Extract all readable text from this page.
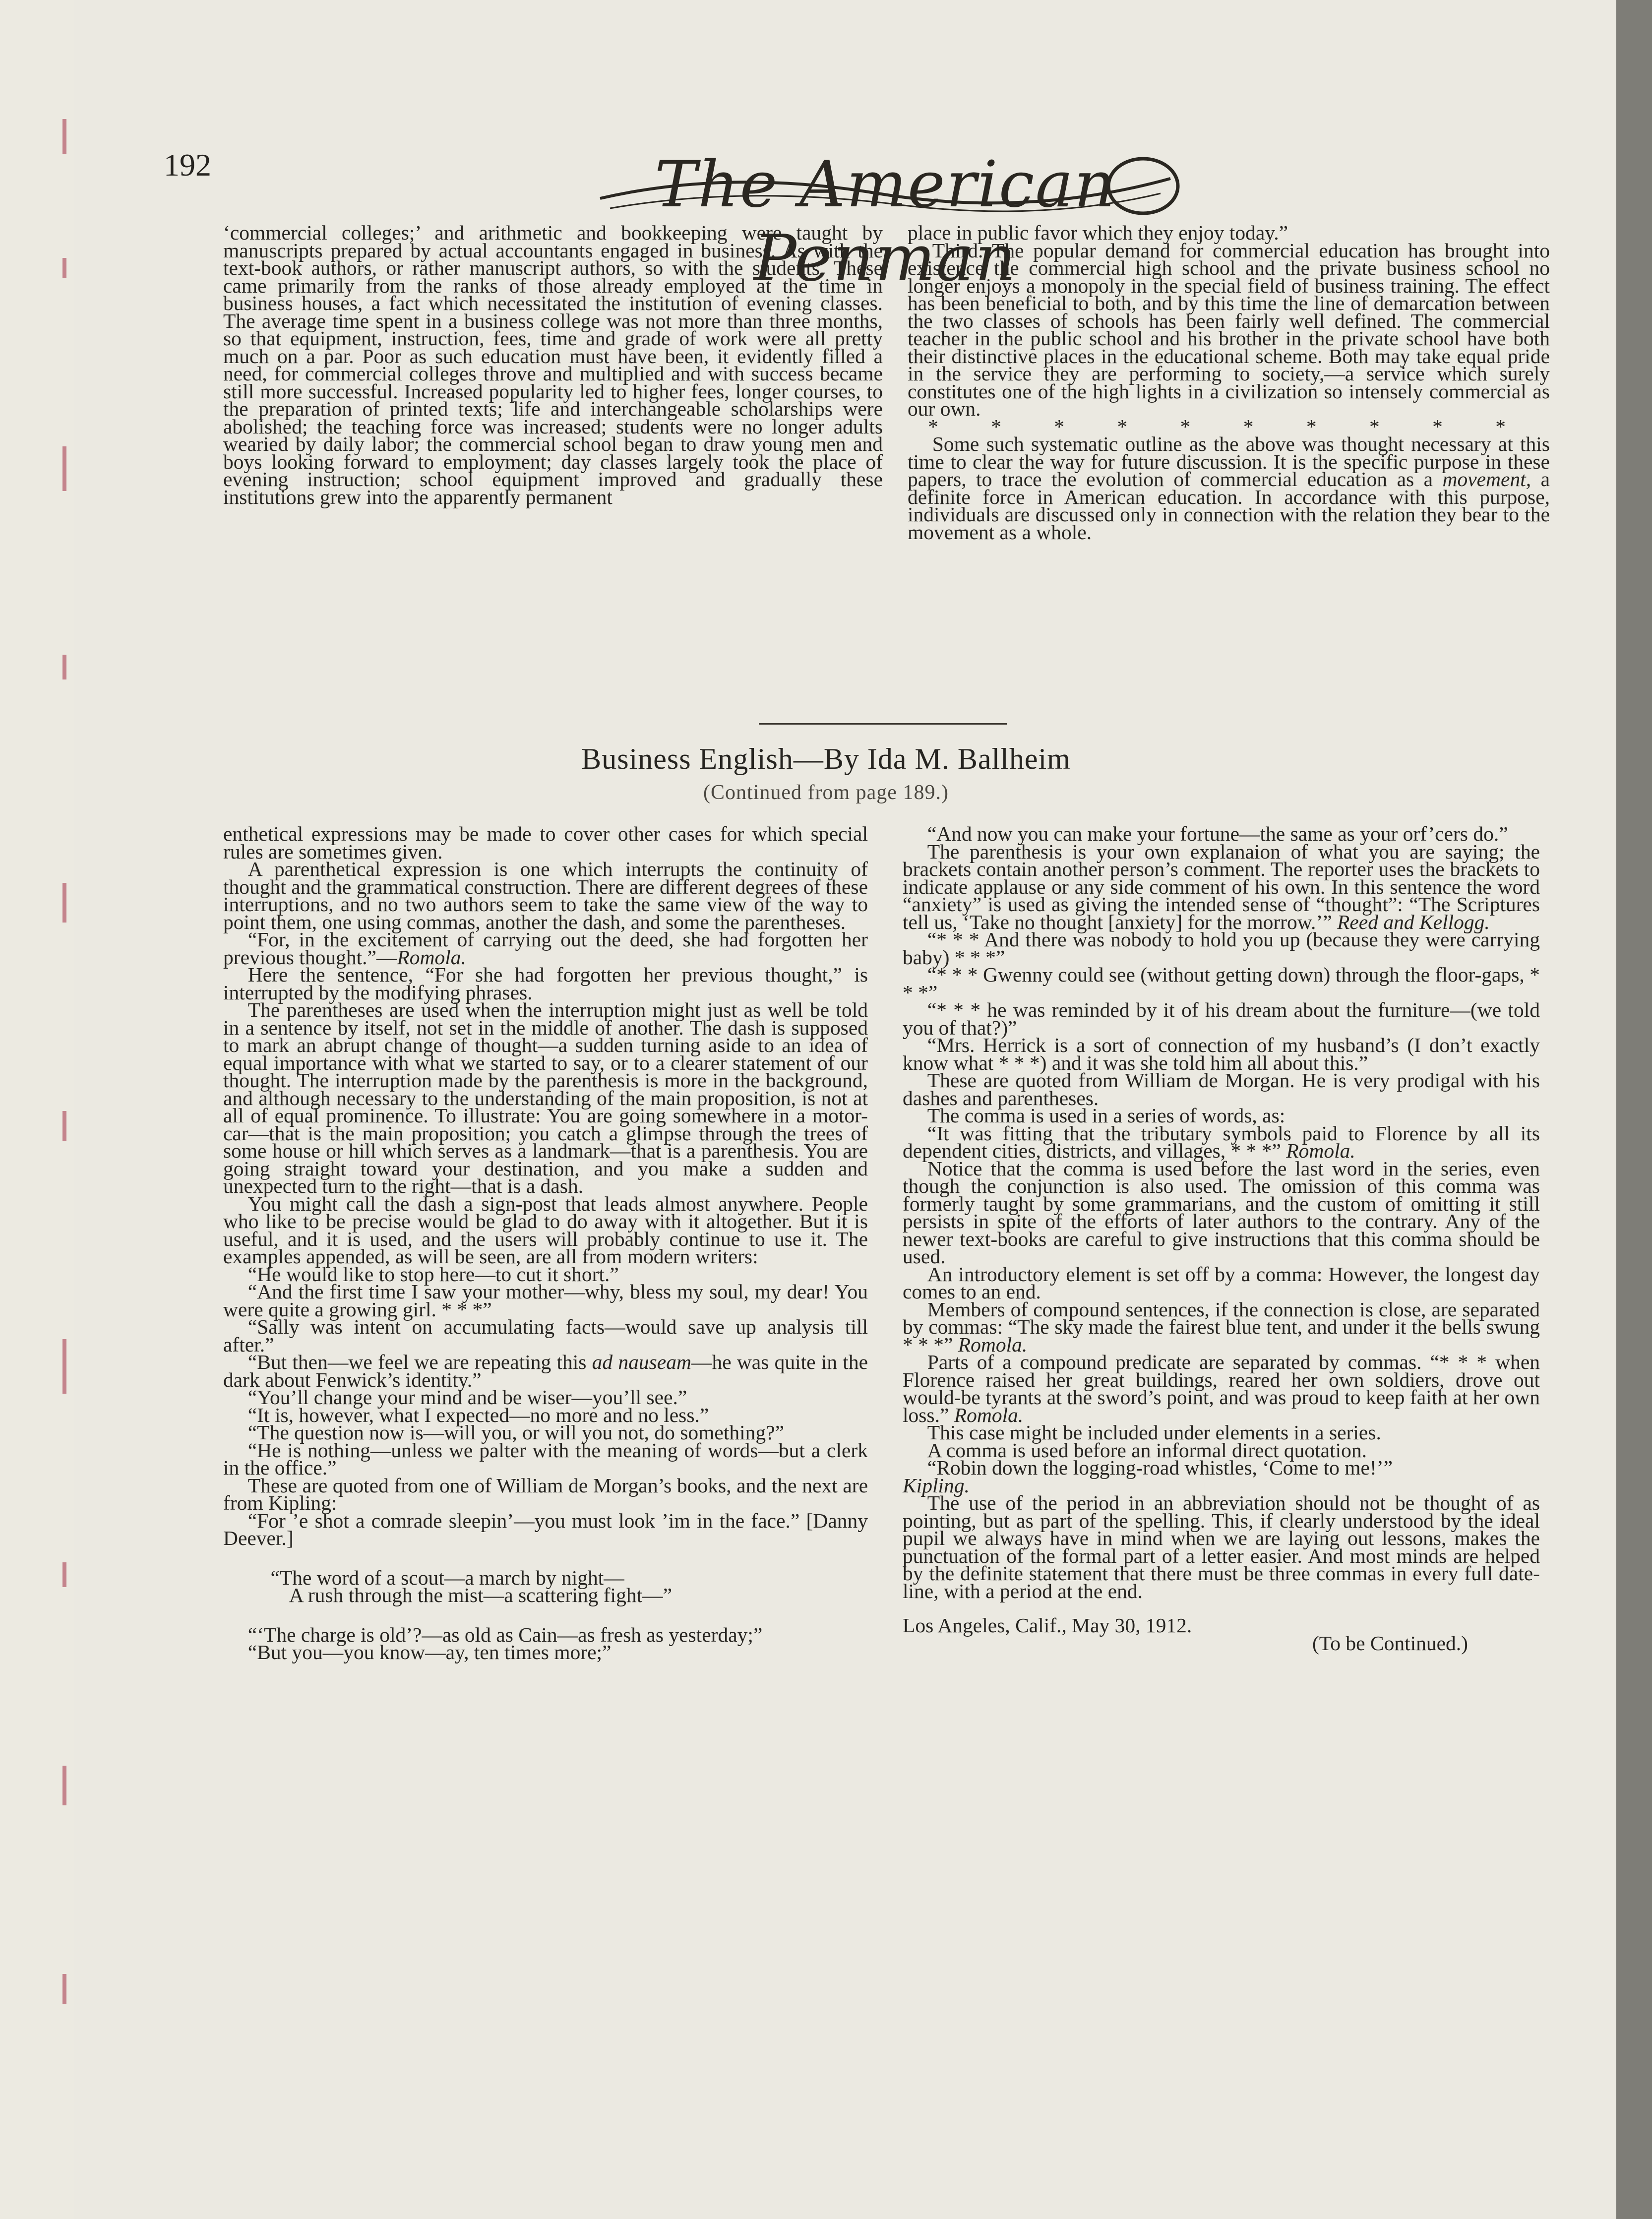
192	The American Penman

‘commercial colleges;’ and arithmetic and bookkeeping were taught by manuscripts prepared by actual accountants engaged in business. As with the text-book authors, or rather manuscript authors, so with the students. These came primarily from the ranks of those already employed at the time in business houses, a fact which necessitated the institution of evening classes. The average time spent in a business college was not more than three months, so that equipment, instruction, fees, time and grade of work were all pretty much on a par. Poor as such education must have been, it evidently filled a need, for commercial colleges throve and multiplied and with success became still more successful. Increased popularity led to higher fees, longer courses, to the preparation of printed texts; life and interchangeable scholarships were abolished; the teaching force was increased; students were no longer adults wearied by daily labor; the commercial school began to draw young men and boys looking forward to employment; day classes largely took the place of evening instruction; school equipment improved and gradually these institutions grew into the apparently permanent

place in public favor which they enjoy today.”

Third. The popular demand for commercial education has brought into existence the commercial high school and the private business school no longer enjoys a monopoly in the special field of business training. The effect has been beneficial to both, and by this time the line of demarcation between the two classes of schools has been fairly well defined. The commercial teacher in the public school and his brother in the private school have both their distinctive places in the educational scheme. Both may take equal pride in the service they are performing to society,—a service which surely constitutes one of the high lights in a civilization so intensely commercial as our own.

* * * * * * * * * *

Some such systematic outline as the above was thought necessary at this time to clear the way for future discussion. It is the specific purpose in these papers, to trace the evolution of commercial education as a movement, a definite force in American education. In accordance with this purpose, individuals are discussed only in connection with the relation they bear to the movement as a whole.

Business English—By Ida M. Ballheim
(Continued from page 189.)

enthetical expressions may be made to cover other cases for which special rules are sometimes given.

A parenthetical expression is one which interrupts the continuity of thought and the grammatical construction. There are different degrees of these interruptions, and no two authors seem to take the same view of the way to point them, one using commas, another the dash, and some the parentheses.

“For, in the excitement of carrying out the deed, she had forgotten her previous thought.”—Romola.

Here the sentence, “For she had forgotten her previous thought,” is interrupted by the modifying phrases.

The parentheses are used when the interruption might just as well be told in a sentence by itself, not set in the middle of another. The dash is supposed to mark an abrupt change of thought—a sudden turning aside to an idea of equal importance with what we started to say, or to a clearer statement of our thought. The interruption made by the parenthesis is more in the background, and although necessary to the understanding of the main proposition, is not at all of equal prominence. To illustrate: You are going somewhere in a motor-car—that is the main proposition; you catch a glimpse through the trees of some house or hill which serves as a landmark—that is a parenthesis. You are going straight toward your destination, and you make a sudden and unexpected turn to the right—that is a dash.

You might call the dash a sign-post that leads almost anywhere. People who like to be precise would be glad to do away with it altogether. But it is useful, and it is used, and the users will probably continue to use it. The examples appended, as will be seen, are all from modern writers:

“He would like to stop here—to cut it short.”

“And the first time I saw your mother—why, bless my soul, my dear! You were quite a growing girl. * * *”

“Sally was intent on accumulating facts—would save up analysis till after.”

“But then—we feel we are repeating this ad nauseam—he was quite in the dark about Fenwick’s identity.”

“You’ll change your mind and be wiser—you’ll see.”

“It is, however, what I expected—no more and no less.”

“The question now is—will you, or will you not, do something?”

“He is nothing—unless we palter with the meaning of words—but a clerk in the office.”

These are quoted from one of William de Morgan’s books, and the next are from Kipling:

“For ’e shot a comrade sleepin’—you must look ’im in the face.” [Danny Deever.]

“The word of a scout—a march by night—

A rush through the mist—a scattering fight—”

“‘The charge is old’?—as old as Cain—as fresh as yesterday;”

“But you—you know—ay, ten times more;”

“And now you can make your fortune—the same as your orf’cers do.”

The parenthesis is your own explanaion of what you are saying; the brackets contain another person’s comment. The reporter uses the brackets to indicate applause or any side comment of his own. In this sentence the word “anxiety” is used as giving the intended sense of “thought”: “The Scriptures tell us, ‘Take no thought [anxiety] for the morrow.’” Reed and Kellogg.

“* * * And there was nobody to hold you up (because they were carrying baby) * * *”

“* * * Gwenny could see (without getting down) through the floor-gaps, * * *”

“* * * he was reminded by it of his dream about the furniture—(we told you of that?)”

“Mrs. Herrick is a sort of connection of my husband’s (I don’t exactly know what * * *) and it was she told him all about this.”

These are quoted from William de Morgan. He is very prodigal with his dashes and parentheses.

The comma is used in a series of words, as:

“It was fitting that the tributary symbols paid to Florence by all its dependent cities, districts, and villages, * * *” Romola.

Notice that the comma is used before the last word in the series, even though the conjunction is also used. The omission of this comma was formerly taught by some grammarians, and the custom of omitting it still persists in spite of the efforts of later authors to the contrary. Any of the newer text-books are careful to give instructions that this comma should be used.

An introductory element is set off by a comma: However, the longest day comes to an end.

Members of compound sentences, if the connection is close, are separated by commas: “The sky made the fairest blue tent, and under it the bells swung * * *” Romola.

Parts of a compound predicate are separated by commas. “* * * when Florence raised her great buildings, reared her own soldiers, drove out would-be tyrants at the sword’s point, and was proud to keep faith at her own loss.” Romola.

This case might be included under elements in a series.

A comma is used before an informal direct quotation.

“Robin down the logging-road whistles, ‘Come to me!’”
Kipling.

The use of the period in an abbreviation should not be thought of as pointing, but as part of the spelling. This, if clearly understood by the ideal pupil we always have in mind when we are laying out lessons, makes the punctuation of the formal part of a letter easier. And most minds are helped by the definite statement that there must be three commas in every full date-line, with a period at the end.

Los Angeles, Calif., May 30, 1912.

(To be Continued.)
